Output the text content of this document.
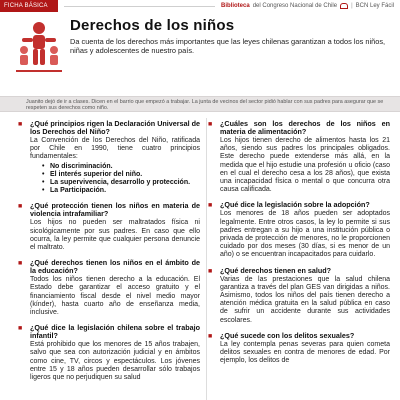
FICHA BÁSICA	Biblioteca del Congreso Nacional de Chile | BCN Ley Fácil
Derechos de los niños
Da cuenta de los derechos más importantes que las leyes chilenas garantizan a todos los niños, niñas y adolescentes de nuestro país.

Juanito dejó de ir a clases. Dicen en el barrio que empezó a trabajar. La junta de vecinos del sector pidió hablar con sus padres para asegurar que se respeten sus derechos como niño.

■ ¿Qué principios rigen la Declaración Universal de los Derechos del Niño?

La Convención de los Derechos del Niño, ratificada por Chile en 1990, tiene cuatro principios fundamentales:

• No discriminación.
• El interés superior del niño.
• La supervivencia, desarrollo y protección.
• La Participación.
■ ¿Qué protección tienen los niños en materia de violencia intrafamiliar?

Los hijos no pueden ser maltratados física ni sicológicamente por sus padres. En caso que ello ocurra, la ley permite que cualquier persona denuncie el maltrato.

■ ¿Qué derechos tienen los niños en el ámbito de la educación?

Todos los niños tienen derecho a la educación. El Estado debe garantizar el acceso gratuito y el financiamiento fiscal desde el nivel medio mayor (kínder), hasta cuarto año de enseñanza media, inclusive.

■ ¿Qué dice la legislación chilena sobre el trabajo infantil?

Está prohibido que los menores de 15 años trabajen, salvo que sea con autorización judicial y en ámbitos como cine, TV, circos y espectáculos. Los jóvenes entre 15 y 18 años pueden desarrollar sólo trabajos ligeros que no perjudiquen su salud

■ ¿Cuáles son los derechos de los niños en materia de alimentación?

Los hijos tienen derecho de alimentos hasta los 21 años, siendo sus padres los principales obligados. Este derecho puede extenderse más allá, en la medida que el hijo estudie una profesión u oficio (caso en el cual el derecho cesa a los 28 años), que exista una incapacidad física o mental o que concurra otra causa calificada.

■ ¿Qué dice la legislación sobre la adopción?

Los menores de 18 años pueden ser adoptados legalmente. Entre otros casos, la ley lo permite si sus padres entregan a su hijo a una institución pública o privada de protección de menores, no le proporcionen cuidado por dos meses (30 días, si es menor de un año) o se encuentran incapacitados para cuidarlo.

■ ¿Qué derechos tienen en salud?

Varias de las prestaciones que la salud chilena garantiza a través del plan GES van dirigidas a niños. Asimismo, todos los niños del país tienen derecho a atención médica gratuita en la salud pública en caso de sufrir un accidente durante sus actividades escolares.

■ ¿Qué sucede con los delitos sexuales?

La ley contempla penas severas para quien cometa delitos sexuales en contra de menores de edad. Por ejemplo, los delitos de
